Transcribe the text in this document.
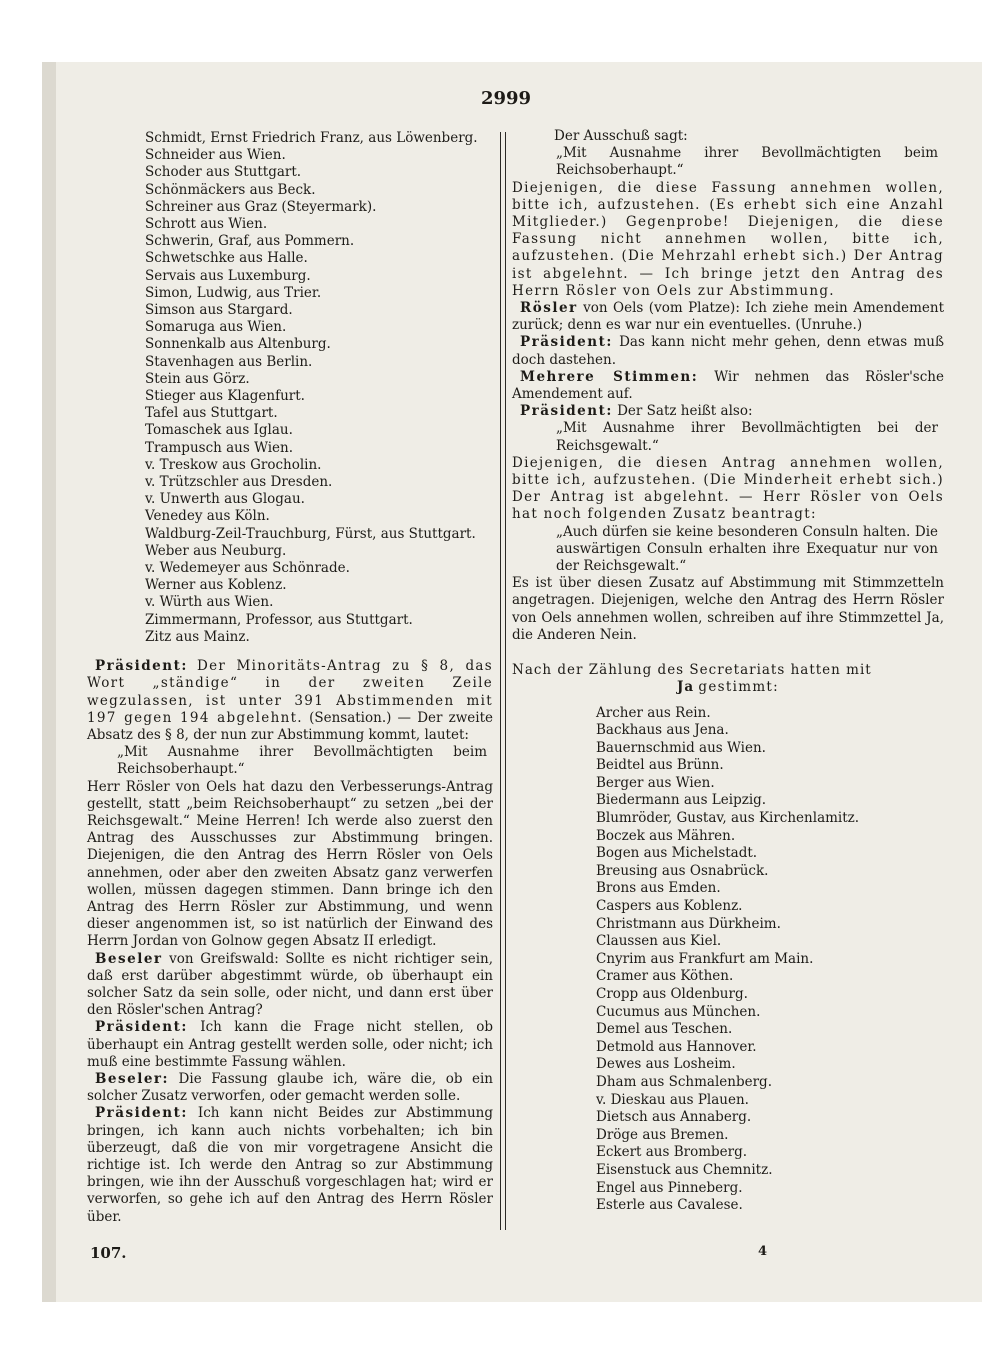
2999

Schmidt, Ernst Friedrich Franz, aus Löwenberg.
Schneider aus Wien.
Schoder aus Stuttgart.
Schönmäckers aus Beck.
Schreiner aus Graz (Steyermark).
Schrott aus Wien.
Schwerin, Graf, aus Pommern.
Schwetschke aus Halle.
Servais aus Luxemburg.
Simon, Ludwig, aus Trier.
Simson aus Stargard.
Somaruga aus Wien.
Sonnenkalb aus Altenburg.
Stavenhagen aus Berlin.
Stein aus Görz.
Stieger aus Klagenfurt.
Tafel aus Stuttgart.
Tomaschek aus Iglau.
Trampusch aus Wien.
v. Treskow aus Grocholin.
v. Trützschler aus Dresden.
v. Unwerth aus Glogau.
Venedey aus Köln.
Waldburg-Zeil-Trauchburg, Fürst, aus Stuttgart.
Weber aus Neuburg.
v. Wedemeyer aus Schönrade.
Werner aus Koblenz.
v. Würth aus Wien.
Zimmermann, Professor, aus Stuttgart.
Zitz aus Mainz.

Präsident: Der Minoritäts-Antrag zu § 8, das Wort „ständige“ in der zweiten Zeile wegzulassen, ist unter 391 Abstimmenden mit 197 gegen 194 abgelehnt. (Sensation.) — Der zweite Absatz des § 8, der nun zur Abstimmung kommt, lautet:

„Mit Ausnahme ihrer Bevollmächtigten beim Reichsoberhaupt.“

Herr Rösler von Oels hat dazu den Verbesserungs-Antrag gestellt, statt „beim Reichsoberhaupt“ zu setzen „bei der Reichsgewalt.“ Meine Herren! Ich werde also zuerst den Antrag des Ausschusses zur Abstimmung bringen. Diejenigen, die den Antrag des Herrn Rösler von Oels annehmen, oder aber den zweiten Absatz ganz verwerfen wollen, müssen dagegen stimmen. Dann bringe ich den Antrag des Herrn Rösler zur Abstimmung, und wenn dieser angenommen ist, so ist natürlich der Einwand des Herrn Jordan von Golnow gegen Absatz II erledigt.

Beseler von Greifswald: Sollte es nicht richtiger sein, daß erst darüber abgestimmt würde, ob überhaupt ein solcher Satz da sein solle, oder nicht, und dann erst über den Rösler'schen Antrag?

Präsident: Ich kann die Frage nicht stellen, ob überhaupt ein Antrag gestellt werden solle, oder nicht; ich muß eine bestimmte Fassung wählen.

Beseler: Die Fassung glaube ich, wäre die, ob ein solcher Zusatz verworfen, oder gemacht werden solle.

Präsident: Ich kann nicht Beides zur Abstimmung bringen, ich kann auch nichts vorbehalten; ich bin überzeugt, daß die von mir vorgetragene Ansicht die richtige ist. Ich werde den Antrag so zur Abstimmung bringen, wie ihn der Ausschuß vorgeschlagen hat; wird er verworfen, so gehe ich auf den Antrag des Herrn Rösler über.

Der Ausschuß sagt:

„Mit Ausnahme ihrer Bevollmächtigten beim Reichsoberhaupt.“

Diejenigen, die diese Fassung annehmen wollen, bitte ich, aufzustehen. (Es erhebt sich eine Anzahl Mitglieder.) Gegenprobe! Diejenigen, die diese Fassung nicht annehmen wollen, bitte ich, aufzustehen. (Die Mehrzahl erhebt sich.) Der Antrag ist abgelehnt. — Ich bringe jetzt den Antrag des Herrn Rösler von Oels zur Abstimmung.

Rösler von Oels (vom Platze): Ich ziehe mein Amendement zurück; denn es war nur ein eventuelles. (Unruhe.)

Präsident: Das kann nicht mehr gehen, denn etwas muß doch dastehen.

Mehrere Stimmen: Wir nehmen das Rösler'sche Amendement auf.

Präsident: Der Satz heißt also:

„Mit Ausnahme ihrer Bevollmächtigten bei der Reichsgewalt.“

Diejenigen, die diesen Antrag annehmen wollen, bitte ich, aufzustehen. (Die Minderheit erhebt sich.) Der Antrag ist abgelehnt. — Herr Rösler von Oels hat noch folgenden Zusatz beantragt:

„Auch dürfen sie keine besonderen Consuln halten. Die auswärtigen Consuln erhalten ihre Exequatur nur von der Reichsgewalt.“

Es ist über diesen Zusatz auf Abstimmung mit Stimmzetteln angetragen. Diejenigen, welche den Antrag des Herrn Rösler von Oels annehmen wollen, schreiben auf ihre Stimmzettel Ja, die Anderen Nein.

Nach der Zählung des Secretariats hatten mit

Ja gestimmt:

Archer aus Rein.
Backhaus aus Jena.
Bauernschmid aus Wien.
Beidtel aus Brünn.
Berger aus Wien.
Biedermann aus Leipzig.
Blumröder, Gustav, aus Kirchenlamitz.
Boczek aus Mähren.
Bogen aus Michelstadt.
Breusing aus Osnabrück.
Brons aus Emden.
Caspers aus Koblenz.
Christmann aus Dürkheim.
Claussen aus Kiel.
Cnyrim aus Frankfurt am Main.
Cramer aus Köthen.
Cropp aus Oldenburg.
Cucumus aus München.
Demel aus Teschen.
Detmold aus Hannover.
Dewes aus Losheim.
Dham aus Schmalenberg.
v. Dieskau aus Plauen.
Dietsch aus Annaberg.
Dröge aus Bremen.
Eckert aus Bromberg.
Eisenstuck aus Chemnitz.
Engel aus Pinneberg.
Esterle aus Cavalese.

107.	4
